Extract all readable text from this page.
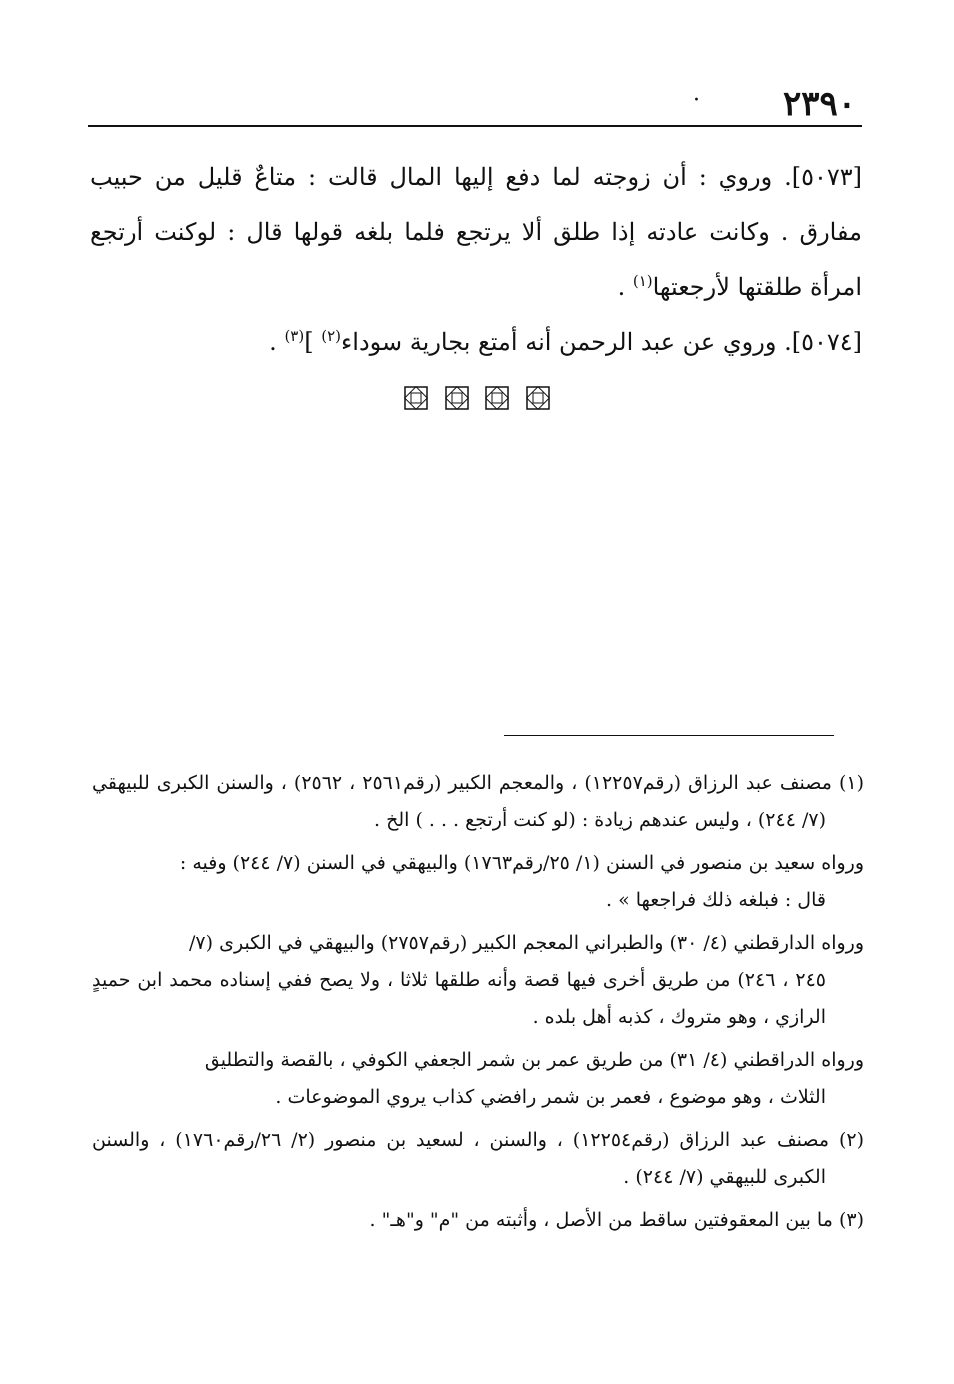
· ٢٣٩٠

[٥٠٧٣]. وروي : أن زوجته لما دفع إليها المال قالت : متاعٌ قليل من حبيب مفارق . وكانت عادته إذا طلق ألا يرتجع فلما بلغه قولها قال : لوكنت أرتجع امرأة طلقتها لأرجعتها$^{(١)}$ .

[٥٠٧٤]. وروي عن عبد الرحمن أنه أمتع بجارية سوداء$^{(٢)}$ ]$^{(٣)}$ .

(١) مصنف عبد الرزاق (رقم١٢٢٥٧) ، والمعجم الكبير (رقم٢٥٦١ ، ٢٥٦٢) ، والسنن الكبرى للبيهقي (٧/ ٢٤٤) ، وليس عندهم زيادة : (لو كنت أرتجع . . . ) الخ .

ورواه سعيد بن منصور في السنن (١/ ٢٥/رقم١٧٦٣) والبيهقي في السنن (٧/ ٢٤٤) وفيه :
قال : فبلغه ذلك فراجعها » .

ورواه الدارقطني (٤/ ٣٠) والطبراني المعجم الكبير (رقم٢٧٥٧) والبيهقي في الكبرى (٧/
٢٤٥ ، ٢٤٦) من طريق أخرى فيها قصة وأنه طلقها ثلاثا ، ولا يصح ففي إسناده محمد ابن حميدٍ الرازي ، وهو متروك ، كذبه أهل بلده .

ورواه الدراقطني (٤/ ٣١) من طريق عمر بن شمر الجعفي الكوفي ، بالقصة والتطليق
الثلاث ، وهو موضوع ، فعمر بن شمر رافضي كذاب يروي الموضوعات .

(٢) مصنف عبد الرزاق (رقم١٢٢٥٤) ، والسنن ، لسعيد بن منصور (٢/ ٢٦/رقم١٧٦٠) ، والسنن الكبرى للبيهقي (٧/ ٢٤٤) .

(٣) ما بين المعقوفتين ساقط من الأصل ، وأثبته من "م" و"هـ" .
